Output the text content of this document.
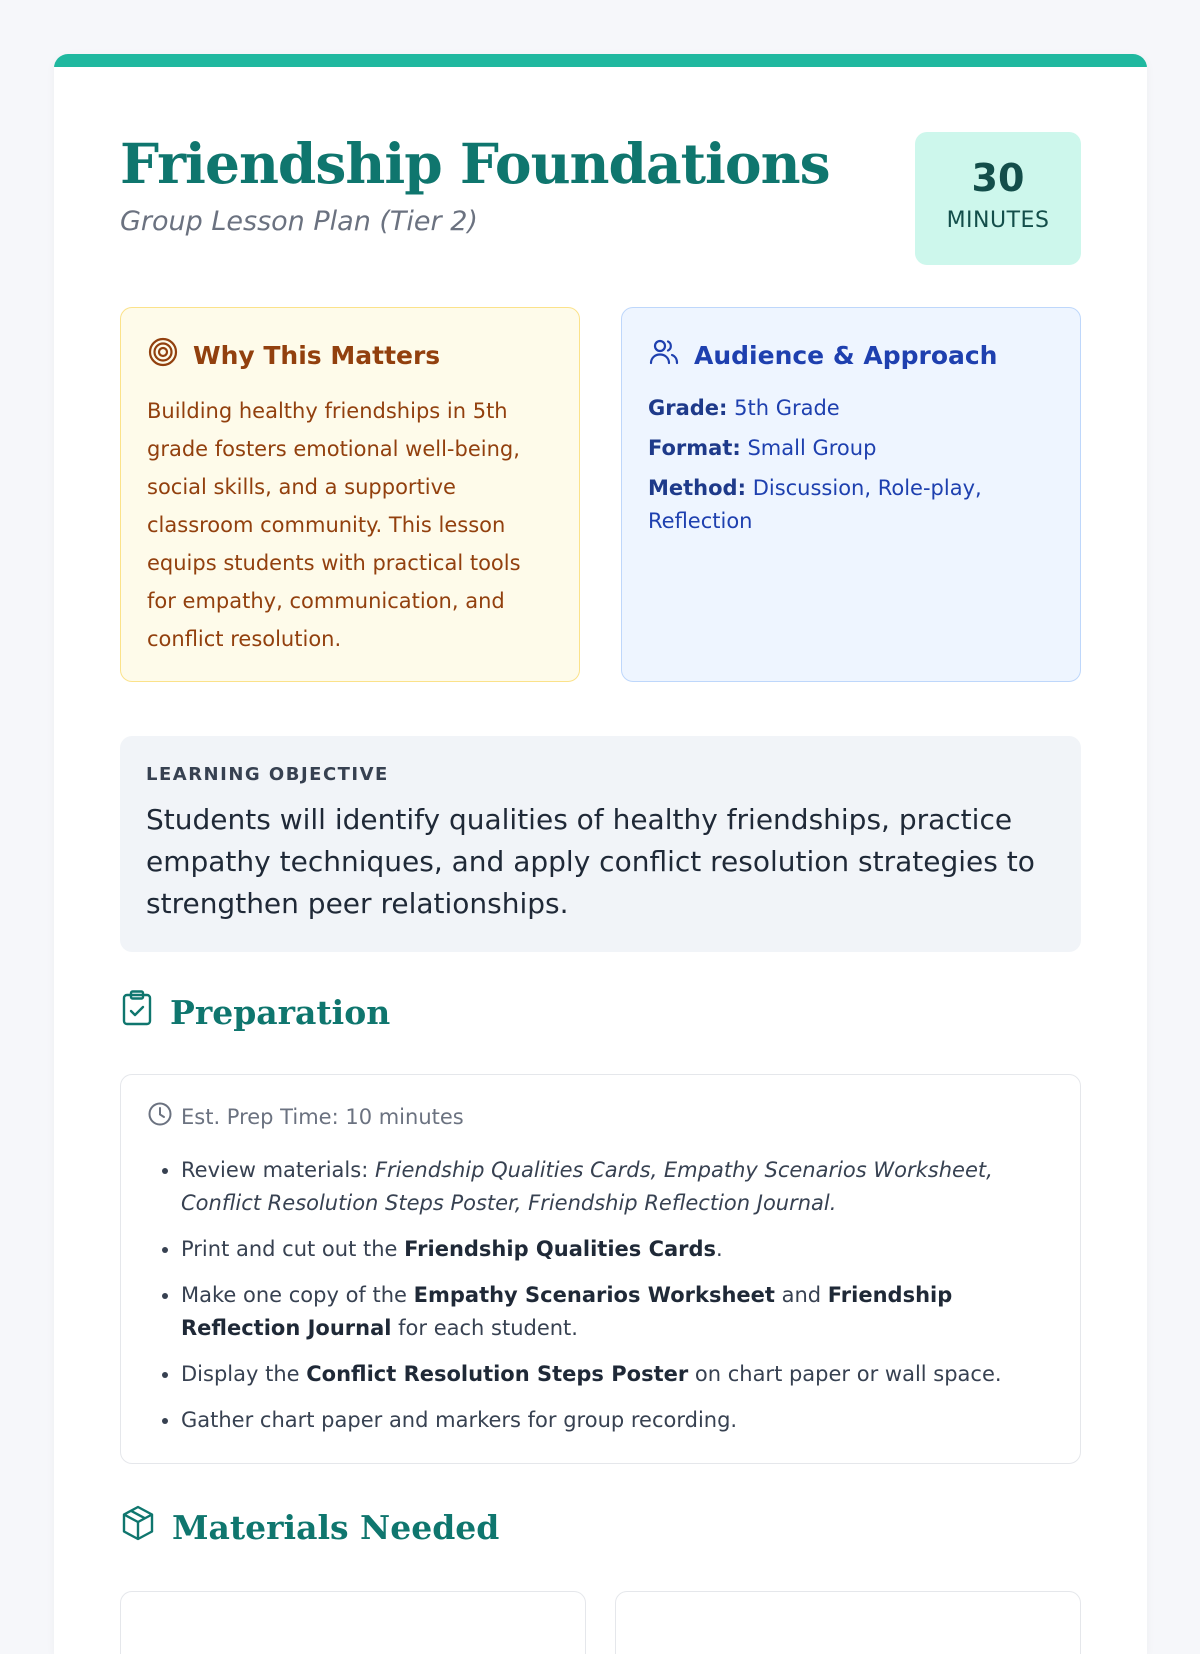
Friendship Foundations
Group Lesson Plan (Tier 2)
30
MINUTES
Why This Matters

Building healthy friendships in 5th grade fosters emotional well-being, social skills, and a supportive classroom community. This lesson equips students with practical tools for empathy, communication, and conflict resolution.

Audience & Approach
Grade: 5th Grade
Format: Small Group
Method: Discussion, Role-play, Reflection
LEARNING OBJECTIVE

Students will identify qualities of healthy friendships, practice empathy techniques, and apply conflict resolution strategies to strengthen peer relationships.

Preparation
Est. Prep Time: 10 minutes
• Review materials: Friendship Qualities Cards, Empathy Scenarios Worksheet, Conflict Resolution Steps Poster, Friendship Reflection Journal.
• Print and cut out the Friendship Qualities Cards.
• Make one copy of the Empathy Scenarios Worksheet and Friendship Reflection Journal for each student.
• Display the Conflict Resolution Steps Poster on chart paper or wall space.
• Gather chart paper and markers for group recording.
Materials Needed
